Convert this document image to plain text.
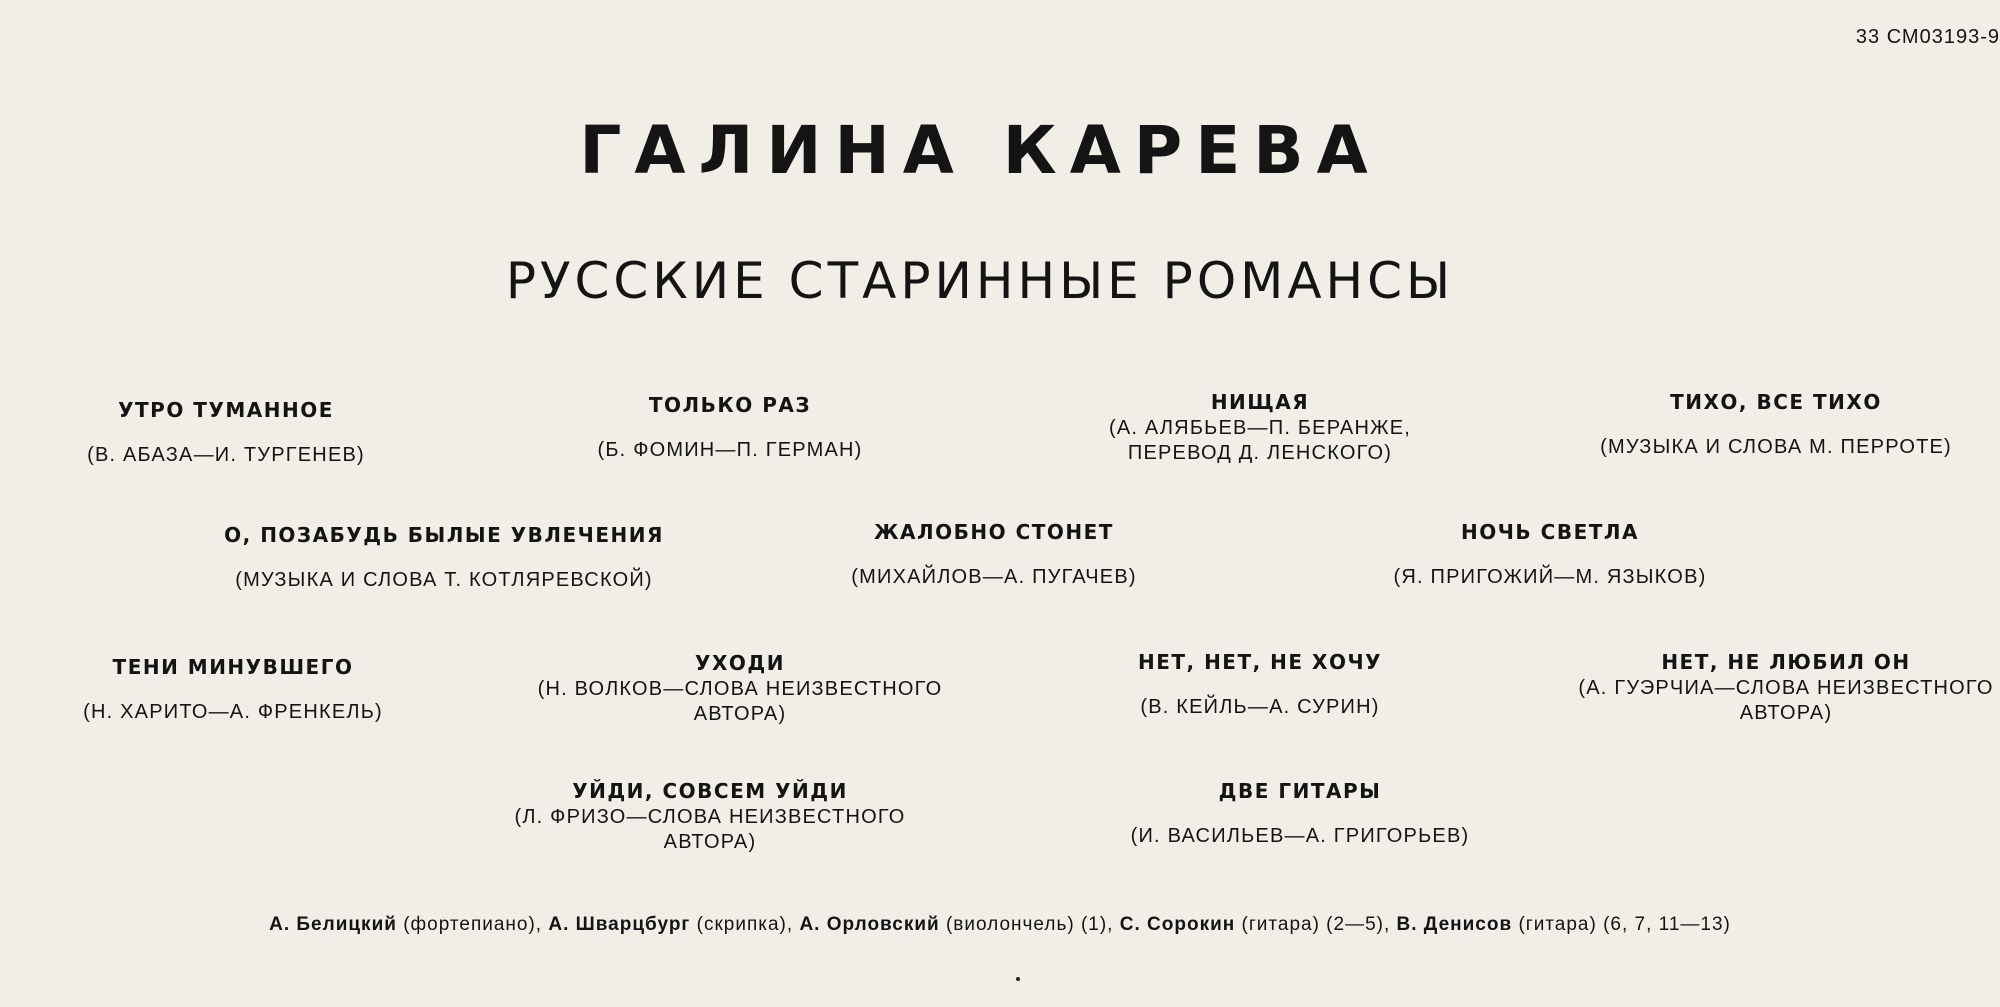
33 СМ03193-9
ГАЛИНА КАРЕВА
РУССКИЕ СТАРИННЫЕ РОМАНСЫ
УТРО ТУМАННОЕ
(В. АБАЗА—И. ТУРГЕНЕВ)
ТОЛЬКО РАЗ
(Б. ФОМИН—П. ГЕРМАН)
НИЩАЯ
(А. АЛЯБЬЕВ—П. БЕРАНЖЕ,
ПЕРЕВОД Д. ЛЕНСКОГО)
ТИХО, ВСЕ ТИХО
(МУЗЫКА И СЛОВА М. ПЕРРОТЕ)
О, ПОЗАБУДЬ БЫЛЫЕ УВЛЕЧЕНИЯ
(МУЗЫКА И СЛОВА Т. КОТЛЯРЕВСКОЙ)
ЖАЛОБНО СТОНЕТ
(МИХАЙЛОВ—А. ПУГАЧЕВ)
НОЧЬ СВЕТЛА
(Я. ПРИГОЖИЙ—М. ЯЗЫКОВ)
ТЕНИ МИНУВШЕГО
(Н. ХАРИТО—А. ФРЕНКЕЛЬ)
УХОДИ
(Н. ВОЛКОВ—СЛОВА НЕИЗВЕСТНОГО
АВТОРА)
НЕТ, НЕТ, НЕ ХОЧУ
(В. КЕЙЛЬ—А. СУРИН)
НЕТ, НЕ ЛЮБИЛ ОН
(А. ГУЭРЧИА—СЛОВА НЕИЗВЕСТНОГО
АВТОРА)
УЙДИ, СОВСЕМ УЙДИ
(Л. ФРИЗО—СЛОВА НЕИЗВЕСТНОГО
АВТОРА)
ДВЕ ГИТАРЫ
(И. ВАСИЛЬЕВ—А. ГРИГОРЬЕВ)
А. Белицкий (фортепиано), А. Шварцбург (скрипка), А. Орловский (виолончель) (1), С. Сорокин (гитара) (2—5), В. Денисов (гитара) (6, 7, 11—13)
